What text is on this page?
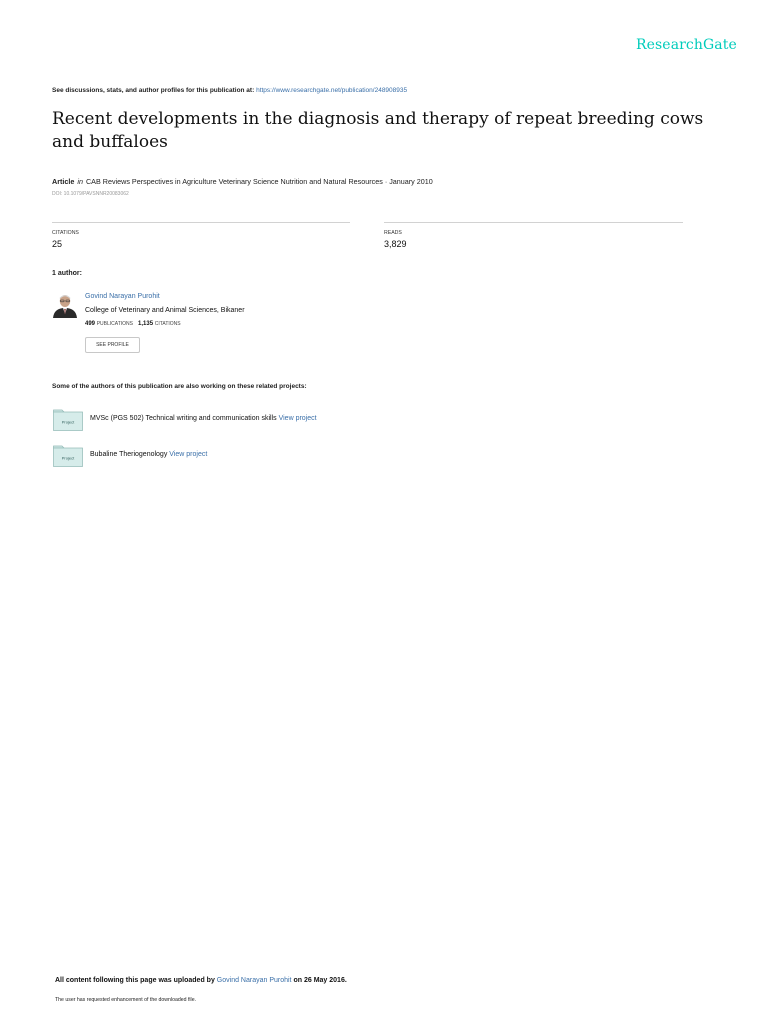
ResearchGate
See discussions, stats, and author profiles for this publication at: https://www.researchgate.net/publication/248908935
Recent developments in the diagnosis and therapy of repeat breeding cows and buffaloes
Article in CAB Reviews Perspectives in Agriculture Veterinary Science Nutrition and Natural Resources · January 2010
DOI: 10.1079/PAVSNNR20083062
CITATIONS
25
READS
3,829
1 author:
Govind Narayan Purohit
College of Veterinary and Animal Sciences, Bikaner
499 PUBLICATIONS 1,135 CITATIONS
SEE PROFILE
Some of the authors of this publication are also working on these related projects:
Project MVSc (PGS 502) Technical writing and communication skills View project
Project Bubaline Theriogenology View project
All content following this page was uploaded by Govind Narayan Purohit on 26 May 2016.
The user has requested enhancement of the downloaded file.
